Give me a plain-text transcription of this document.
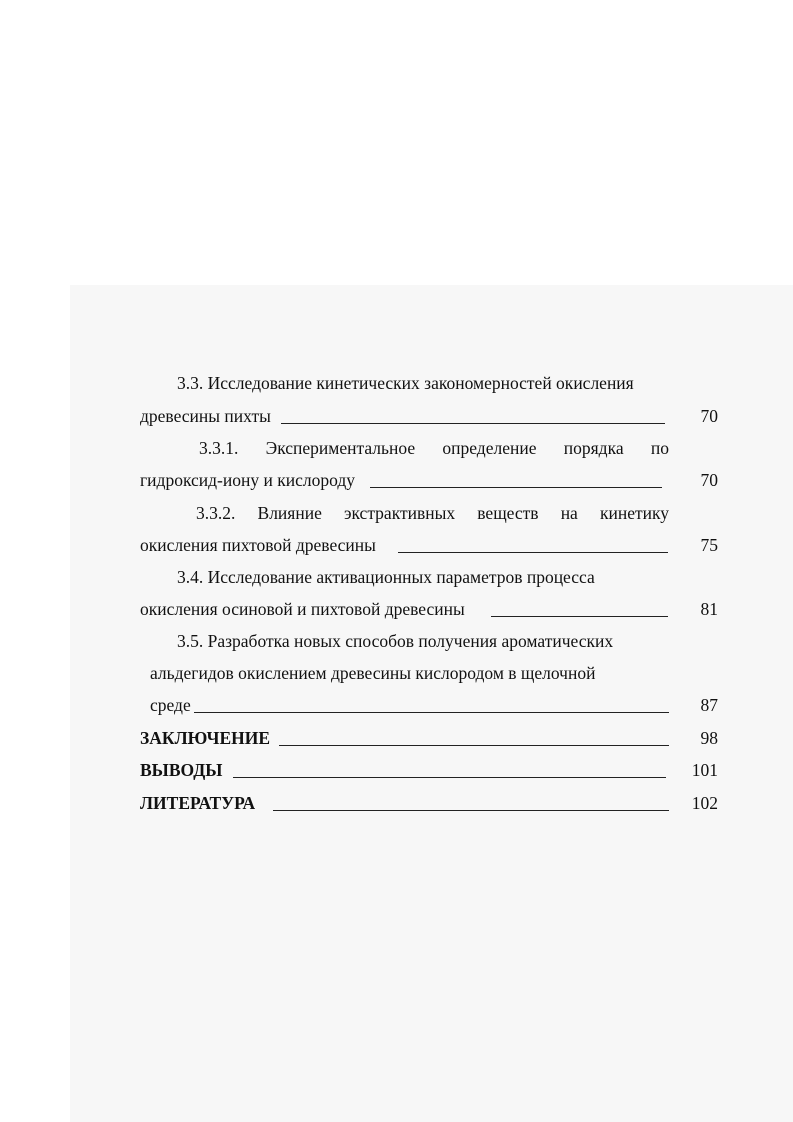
3.3. Исследование кинетических закономерностей окисления
древесины пихты	70
3.3.1. Экспериментальное определение порядка по
гидроксид-иону и кислороду	70
3.3.2. Влияние экстрактивных веществ на кинетику
окисления пихтовой древесины	75
3.4. Исследование активационных параметров процесса
окисления осиновой и пихтовой древесины	81
3.5. Разработка новых способов получения ароматических
альдегидов окислением древесины кислородом в щелочной
среде	87
ЗАКЛЮЧЕНИЕ	98
ВЫВОДЫ	101
ЛИТЕРАТУРА	102
